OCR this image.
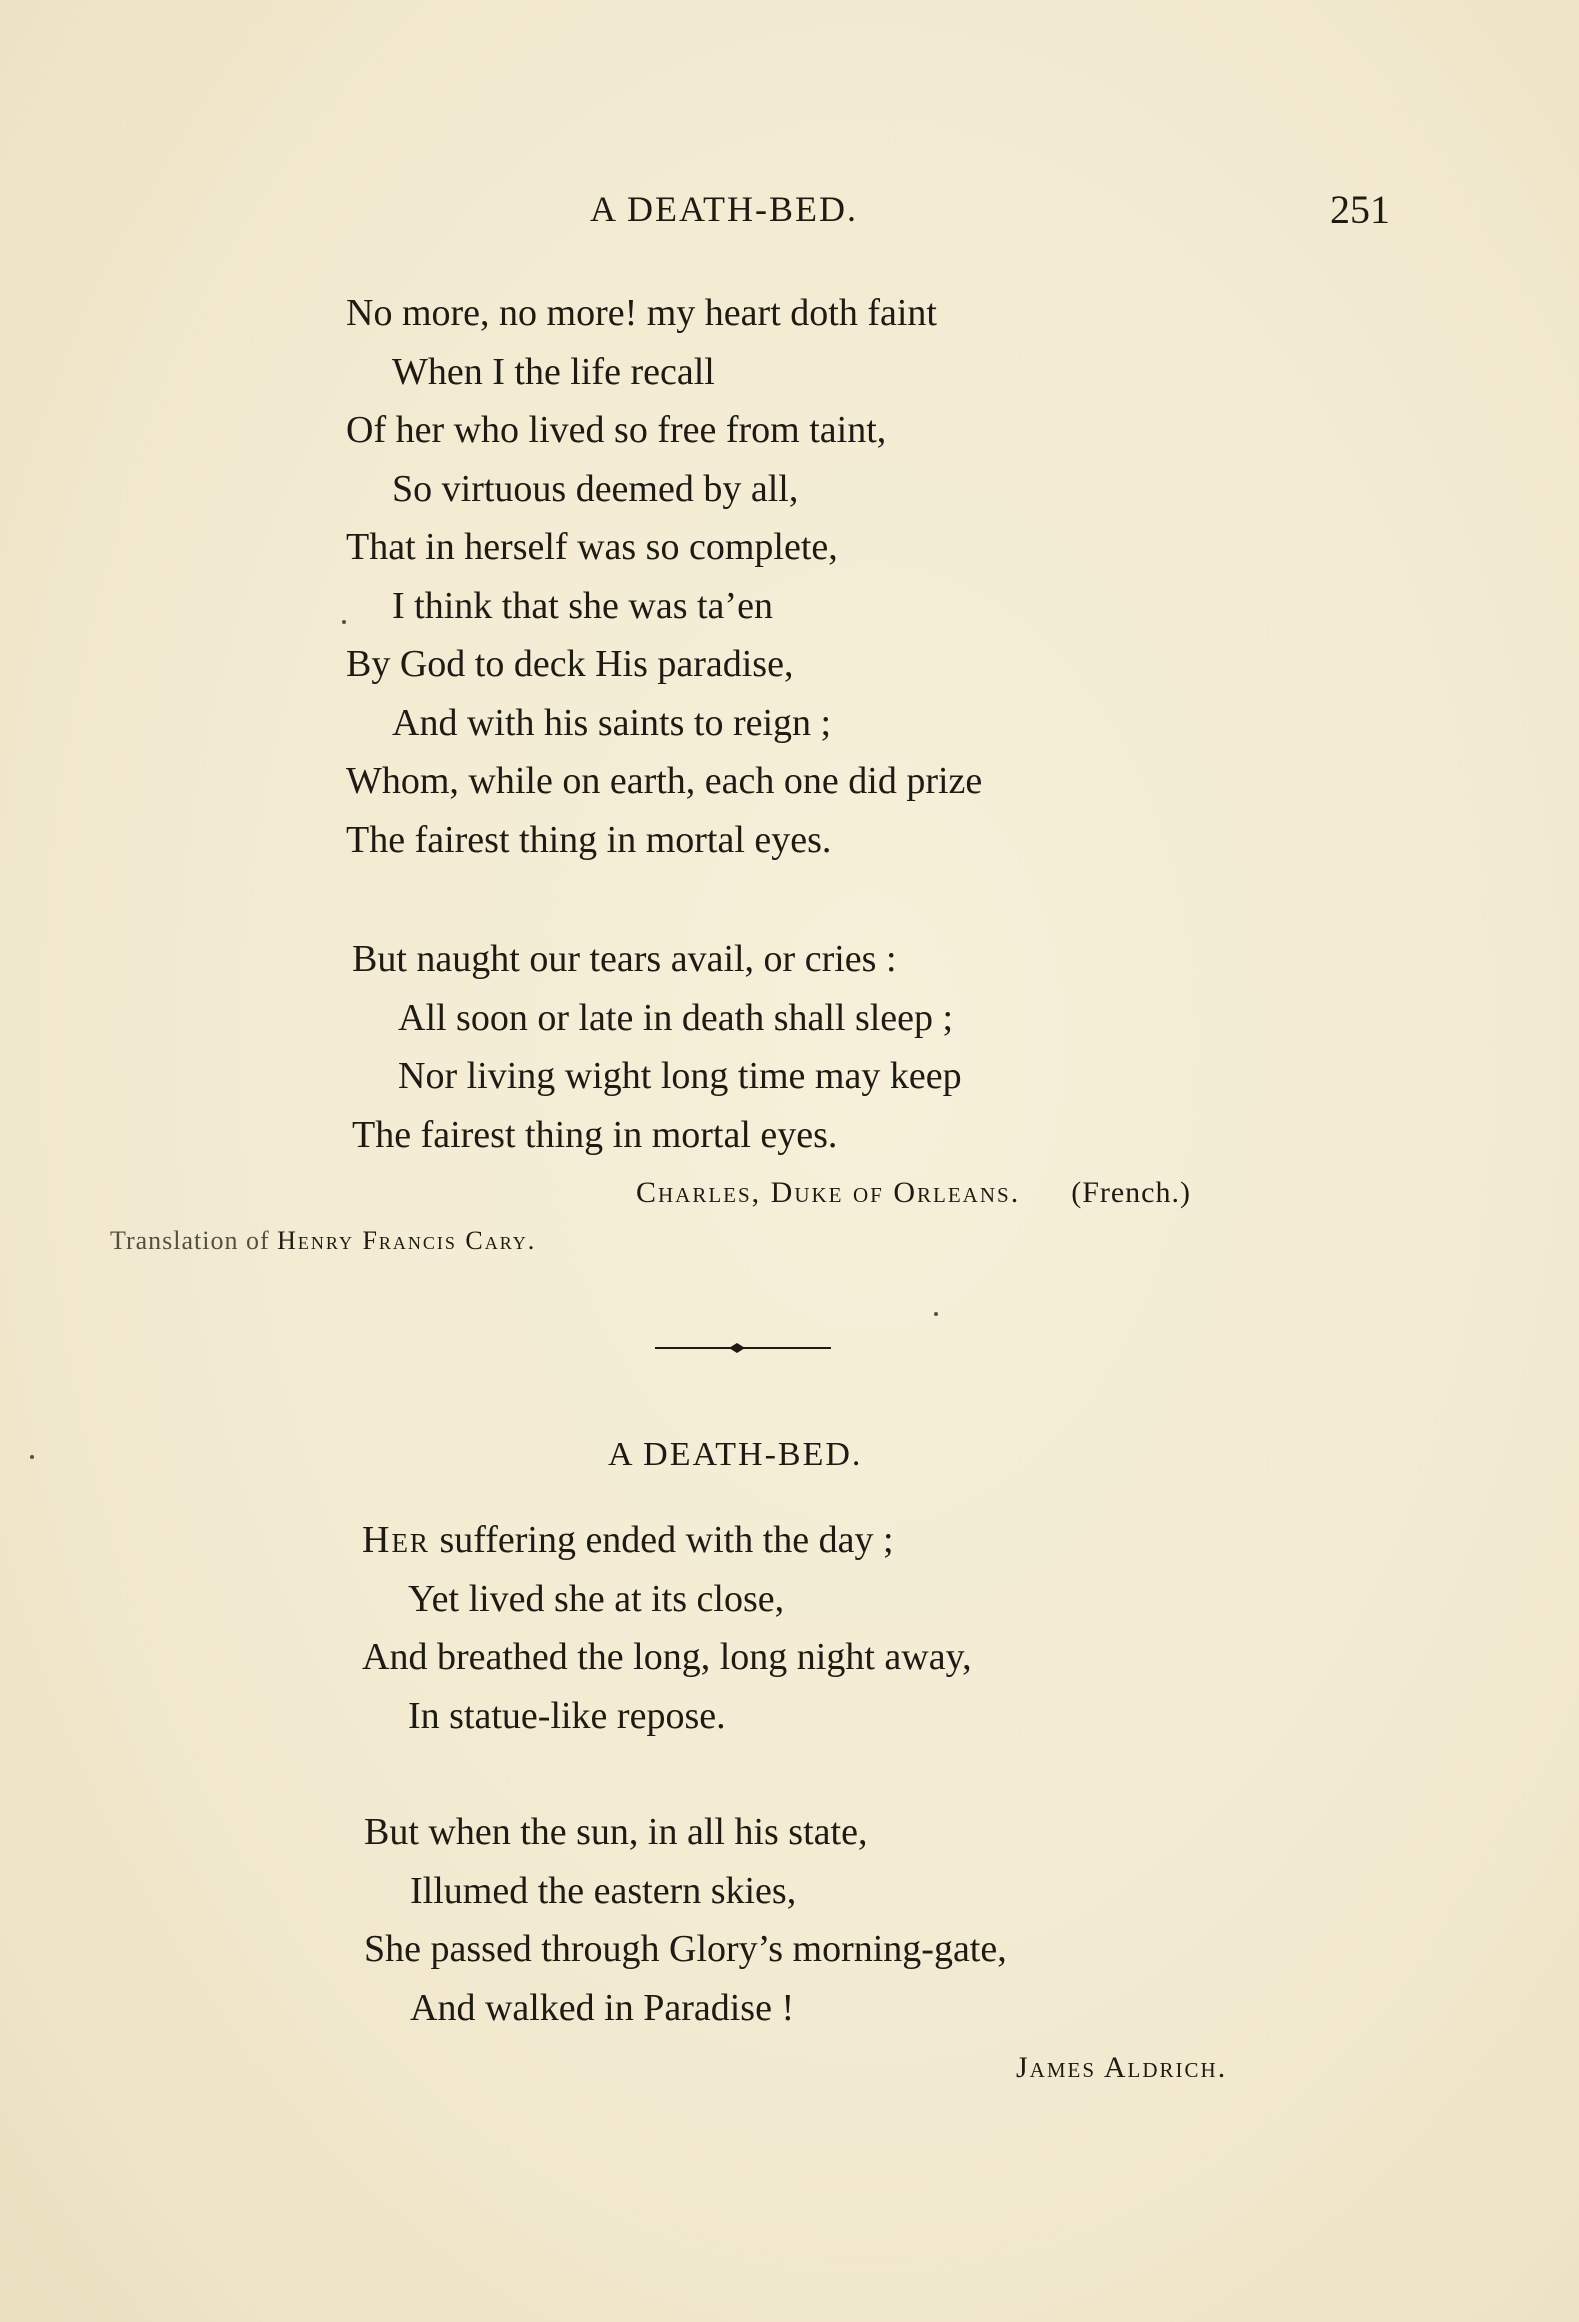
A DEATH-BED.	251
No more, no more! my heart doth faint
When I the life recall
Of her who lived so free from taint,
So virtuous deemed by all,
That in herself was so complete,
I think that she was ta’en
By God to deck His paradise,
And with his saints to reign ;
Whom, while on earth, each one did prize
The fairest thing in mortal eyes.
But naught our tears avail, or cries :
All soon or late in death shall sleep ;
Nor living wight long time may keep
The fairest thing in mortal eyes.
Charles, Duke of Orleans. (French.)
Translation of Henry Francis Cary.
A DEATH-BED.
Her suffering ended with the day ;
Yet lived she at its close,
And breathed the long, long night away,
In statue-like repose.
But when the sun, in all his state,
Illumed the eastern skies,
She passed through Glory’s morning-gate,
And walked in Paradise !
James Aldrich.
